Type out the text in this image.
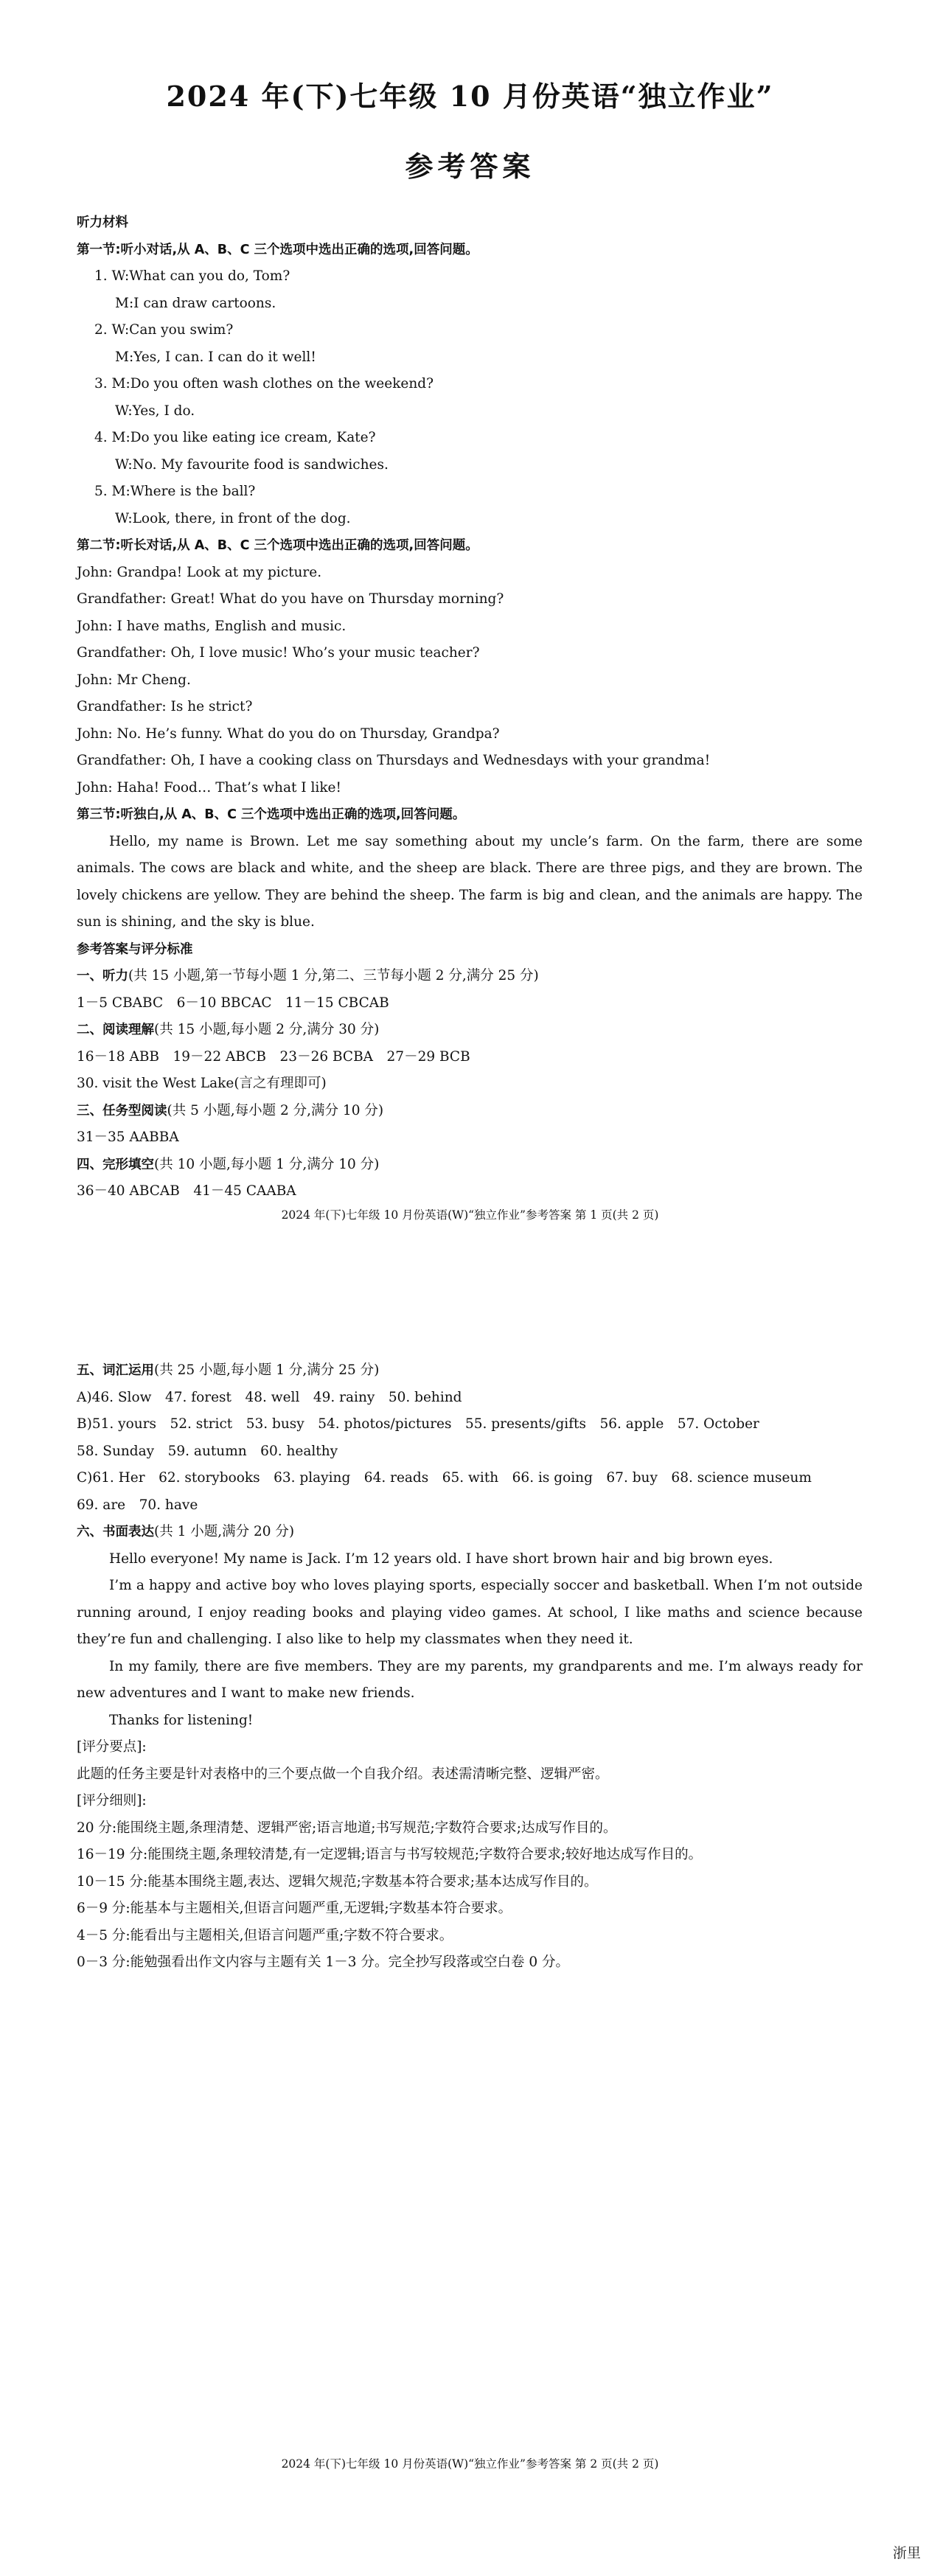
2024 年(下)七年级 10 月份英语“独立作业”
参考答案
听力材料
第一节:听小对话,从 A、B、C 三个选项中选出正确的选项,回答问题。
1. W:What can you do, Tom?
M:I can draw cartoons.
2. W:Can you swim?
M:Yes, I can. I can do it well!
3. M:Do you often wash clothes on the weekend?
W:Yes, I do.
4. M:Do you like eating ice cream, Kate?
W:No. My favourite food is sandwiches.
5. M:Where is the ball?
W:Look, there, in front of the dog.
第二节:听长对话,从 A、B、C 三个选项中选出正确的选项,回答问题。
John: Grandpa! Look at my picture.
Grandfather: Great! What do you have on Thursday morning?
John: I have maths, English and music.
Grandfather: Oh, I love music! Who’s your music teacher?
John: Mr Cheng.
Grandfather: Is he strict?
John: No. He’s funny. What do you do on Thursday, Grandpa?
Grandfather: Oh, I have a cooking class on Thursdays and Wednesdays with your grandma!
John: Haha! Food… That’s what I like!
第三节:听独白,从 A、B、C 三个选项中选出正确的选项,回答问题。
Hello, my name is Brown. Let me say something about my uncle’s farm. On the farm, there are some animals. The cows are black and white, and the sheep are black. There are three pigs, and they are brown. The lovely chickens are yellow. They are behind the sheep. The farm is big and clean, and the animals are happy. The sun is shining, and the sky is blue.
参考答案与评分标准
一、听力(共 15 小题,第一节每小题 1 分,第二、三节每小题 2 分,满分 25 分)
1－5 CBABC　6－10 BBCAC　11－15 CBCAB
二、阅读理解(共 15 小题,每小题 2 分,满分 30 分)
16－18 ABB　19－22 ABCB　23－26 BCBA　27－29 BCB
30. visit the West Lake(言之有理即可)
三、任务型阅读(共 5 小题,每小题 2 分,满分 10 分)
31－35 AABBA
四、完形填空(共 10 小题,每小题 1 分,满分 10 分)
36－40 ABCAB　41－45 CAABA
2024 年(下)七年级 10 月份英语(W)“独立作业”参考答案 第 1 页(共 2 页)
五、词汇运用(共 25 小题,每小题 1 分,满分 25 分)
A)46. Slow　47. forest　48. well　49. rainy　50. behind
B)51. yours　52. strict　53. busy　54. photos/pictures　55. presents/gifts　56. apple　57. October
58. Sunday　59. autumn　60. healthy
C)61. Her　62. storybooks　63. playing　64. reads　65. with　66. is going　67. buy　68. science museum
69. are　70. have
六、书面表达(共 1 小题,满分 20 分)
Hello everyone! My name is Jack. I’m 12 years old. I have short brown hair and big brown eyes.
I’m a happy and active boy who loves playing sports, especially soccer and basketball. When I’m not outside running around, I enjoy reading books and playing video games. At school, I like maths and science because they’re fun and challenging. I also like to help my classmates when they need it.
In my family, there are five members. They are my parents, my grandparents and me. I’m always ready for new adventures and I want to make new friends.
Thanks for listening!
[评分要点]:
此题的任务主要是针对表格中的三个要点做一个自我介绍。表述需清晰完整、逻辑严密。
[评分细则]:
20 分:能围绕主题,条理清楚、逻辑严密;语言地道;书写规范;字数符合要求;达成写作目的。
16－19 分:能围绕主题,条理较清楚,有一定逻辑;语言与书写较规范;字数符合要求;较好地达成写作目的。
10－15 分:能基本围绕主题,表达、逻辑欠规范;字数基本符合要求;基本达成写作目的。
6－9 分:能基本与主题相关,但语言问题严重,无逻辑;字数基本符合要求。
4－5 分:能看出与主题相关,但语言问题严重;字数不符合要求。
0－3 分:能勉强看出作文内容与主题有关 1－3 分。完全抄写段落或空白卷 0 分。
2024 年(下)七年级 10 月份英语(W)“独立作业”参考答案 第 2 页(共 2 页)
浙里
